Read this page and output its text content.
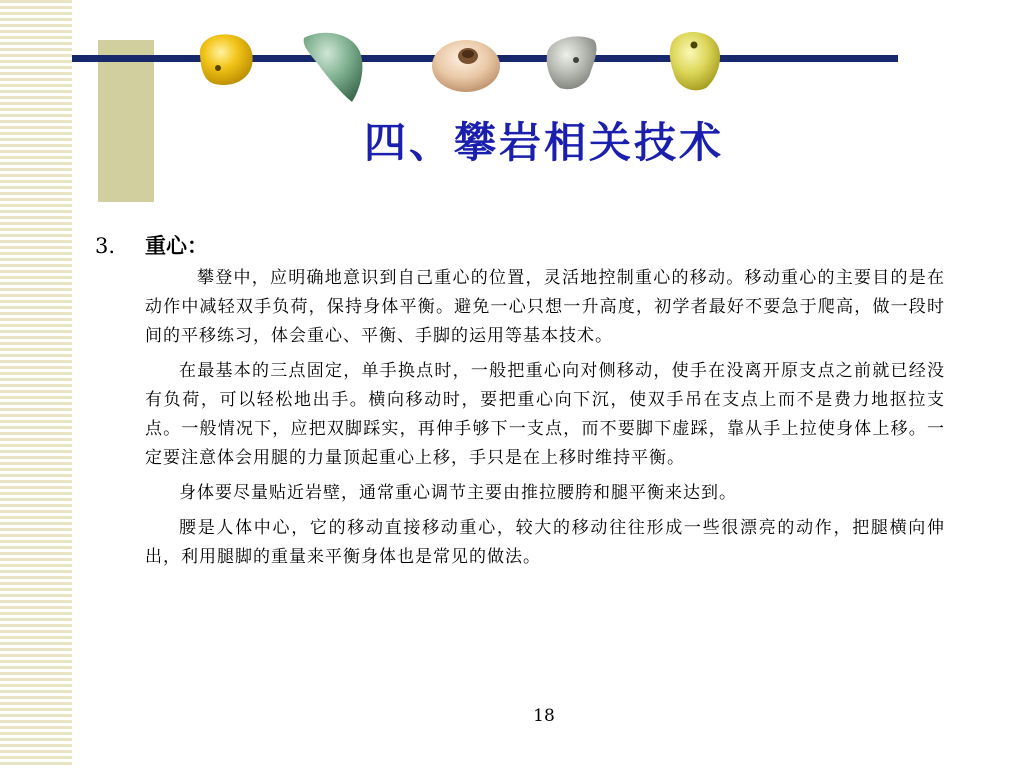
四、攀岩相关技术
3.	重心：

攀登中，应明确地意识到自己重心的位置，灵活地控制重心的移动。移动重心的主要目的是在动作中减轻双手负荷，保持身体平衡。避免一心只想一升高度，初学者最好不要急于爬高，做一段时间的平移练习，体会重心、平衡、手脚的运用等基本技术。

在最基本的三点固定，单手换点时，一般把重心向对侧移动，使手在没离开原支点之前就已经没有负荷，可以轻松地出手。横向移动时，要把重心向下沉，使双手吊在支点上而不是费力地抠拉支点。一般情况下，应把双脚踩实，再伸手够下一支点，而不要脚下虚踩，靠从手上拉使身体上移。一定要注意体会用腿的力量顶起重心上移，手只是在上移时维持平衡。

身体要尽量贴近岩壁，通常重心调节主要由推拉腰胯和腿平衡来达到。

腰是人体中心，它的移动直接移动重心，较大的移动往往形成一些很漂亮的动作，把腿横向伸出，利用腿脚的重量来平衡身体也是常见的做法。

18
